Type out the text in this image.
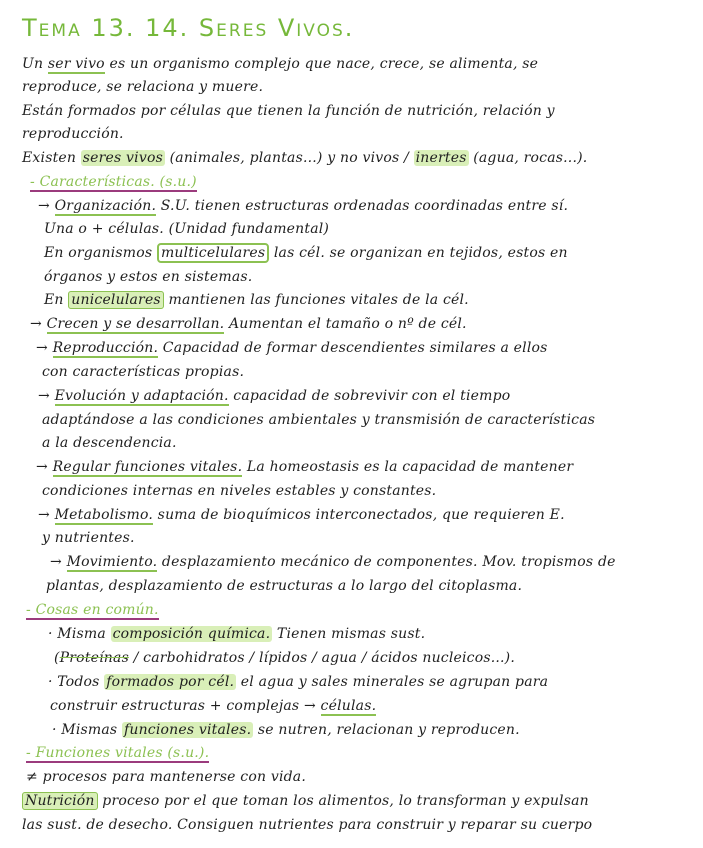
Tema 13. 14. Seres Vivos.
Un ser vivo es un organismo complejo que nace, crece, se alimenta, se
reproduce, se relaciona y muere.
Están formados por células que tienen la función de nutrición, relación y
reproducción.
Existen seres vivos (animales, plantas...) y no vivos / inertes (agua, rocas...).
- Características. (s.u.)
→ Organización. S.U. tienen estructuras ordenadas coordinadas entre sí.
Una o + células. (Unidad fundamental)
En organismos multicelulares las cél. se organizan en tejidos, estos en
órganos y estos en sistemas.
En unicelulares mantienen las funciones vitales de la cél.
→ Crecen y se desarrollan. Aumentan el tamaño o nº de cél.
→ Reproducción. Capacidad de formar descendientes similares a ellos
con características propias.
→ Evolución y adaptación. capacidad de sobrevivir con el tiempo
adaptándose a las condiciones ambientales y transmisión de características
a la descendencia.
→ Regular funciones vitales. La homeostasis es la capacidad de mantener
condiciones internas en niveles estables y constantes.
→ Metabolismo. suma de bioquímicos interconectados, que requieren E.
y nutrientes.
→ Movimiento. desplazamiento mecánico de componentes. Mov. tropismos de
plantas, desplazamiento de estructuras a lo largo del citoplasma.
- Cosas en común.
· Misma composición química. Tienen mismas sust.
(Proteínas / carbohidratos / lípidos / agua / ácidos nucleicos...).
· Todos formados por cél. el agua y sales minerales se agrupan para
construir estructuras + complejas → células.
· Mismas funciones vitales. se nutren, relacionan y reproducen.
- Funciones vitales (s.u.).
≠ procesos para mantenerse con vida.
Nutrición proceso por el que toman los alimentos, lo transforman y expulsan
las sust. de desecho. Consiguen nutrientes para construir y reparar su cuerpo
